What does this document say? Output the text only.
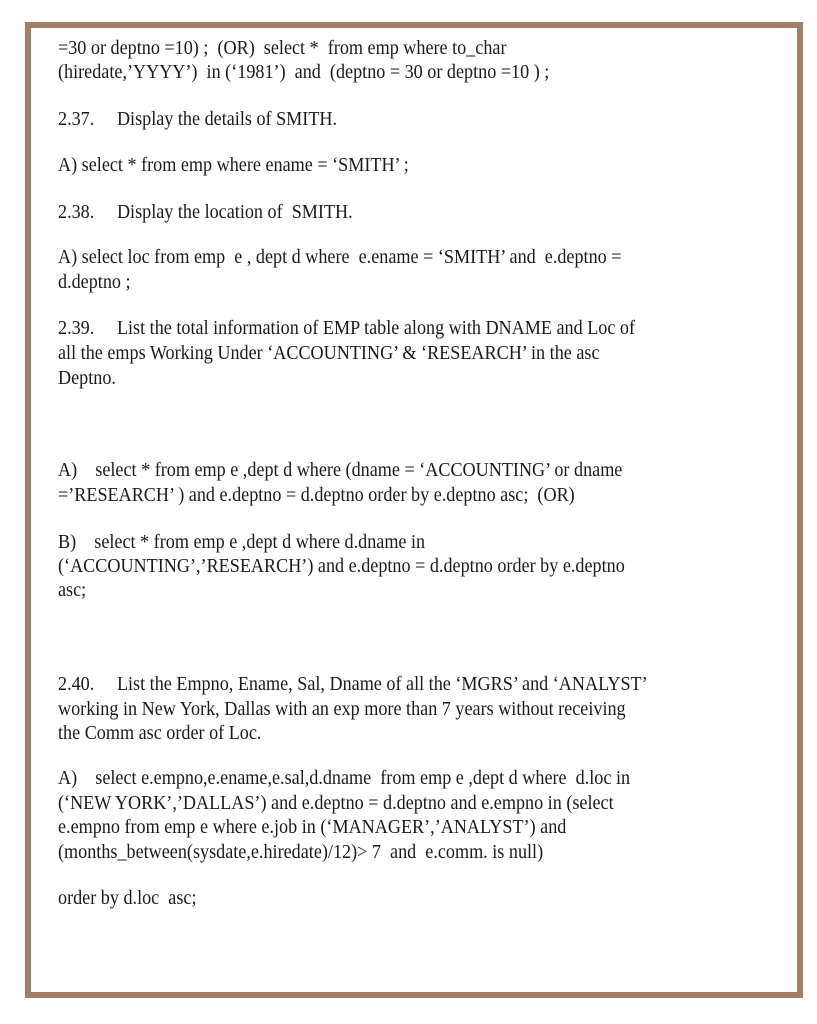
=30 or deptno =10) ;  (OR)  select *  from emp where to_char
(hiredate,’YYYY’)  in (‘1981’)  and  (deptno = 30 or deptno =10 ) ;
2.37.     Display the details of SMITH.
A) select * from emp where ename = ‘SMITH’ ;
2.38.     Display the location of  SMITH.
A) select loc from emp  e , dept d where  e.ename = ‘SMITH’ and  e.deptno =
d.deptno ;
2.39.     List the total information of EMP table along with DNAME and Loc of
all the emps Working Under ‘ACCOUNTING’ & ‘RESEARCH’ in the asc
Deptno.
A)    select * from emp e ,dept d where (dname = ‘ACCOUNTING’ or dname
=’RESEARCH’ ) and e.deptno = d.deptno order by e.deptno asc;  (OR)
B)    select * from emp e ,dept d where d.dname in
(‘ACCOUNTING’,’RESEARCH’) and e.deptno = d.deptno order by e.deptno
asc;
2.40.     List the Empno, Ename, Sal, Dname of all the ‘MGRS’ and ‘ANALYST’
working in New York, Dallas with an exp more than 7 years without receiving
the Comm asc order of Loc.
A)    select e.empno,e.ename,e.sal,d.dname  from emp e ,dept d where  d.loc in
(‘NEW YORK’,’DALLAS’) and e.deptno = d.deptno and e.empno in (select
e.empno from emp e where e.job in (‘MANAGER’,’ANALYST’) and
(months_between(sysdate,e.hiredate)/12)> 7  and  e.comm. is null)
order by d.loc  asc;
